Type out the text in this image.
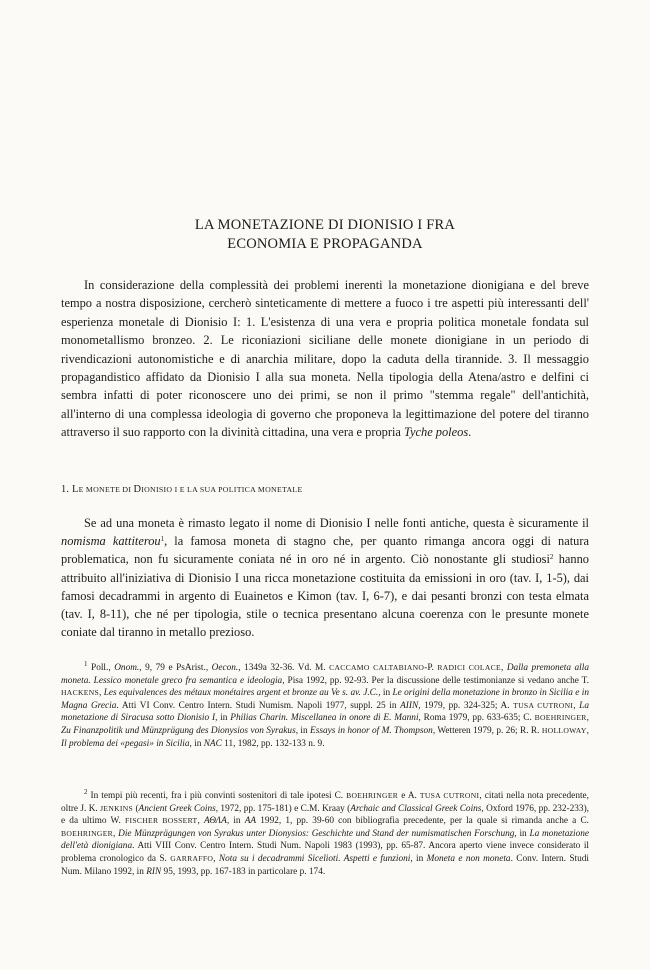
LA MONETAZIONE DI DIONISIO I FRA
ECONOMIA E PROPAGANDA

In considerazione della complessità dei problemi inerenti la monetazione dionigiana e del breve tempo a nostra disposizione, cercherò sinteticamente di mettere a fuoco i tre aspetti più interessanti dell' esperienza monetale di Dionisio I: 1. L'esistenza di una vera e propria politica monetale fondata sul monometallismo bronzeo. 2. Le riconiazioni siciliane delle monete dionigiane in un periodo di rivendicazioni autonomistiche e di anarchia militare, dopo la caduta della tirannide. 3. Il messaggio propagandistico affidato da Dionisio I alla sua moneta. Nella tipologia della Atena/astro e delfini ci sembra infatti di poter riconoscere uno dei primi, se non il primo "stemma regale" dell'antichità, all'interno di una complessa ideologia di governo che proponeva la legittimazione del potere del tiranno attraverso il suo rapporto con la divinità cittadina, una vera e propria Tyche poleos.

1. LE MONETE DI DIONISIO I E LA SUA POLITICA MONETALE

Se ad una moneta è rimasto legato il nome di Dionisio I nelle fonti antiche, questa è sicuramente il nomisma kattiterou$^1$, la famosa moneta di stagno che, per quanto rimanga ancora oggi di natura problematica, non fu sicuramente coniata né in oro né in argento. Ciò nonostante gli studiosi$^2$ hanno attribuito all'iniziativa di Dionisio I una ricca monetazione costituita da emissioni in oro (tav. I, 1-5), dai famosi decadrammi in argento di Euainetos e Kimon (tav. I, 6-7), e dai pesanti bronzi con testa elmata (tav. I, 8-11), che né per tipologia, stile o tecnica presentano alcuna coerenza con le presunte monete coniate dal tiranno in metallo prezioso.

$^1$ Poll., Onom., 9, 79 e PsArist., Oecon., 1349a 32-36. Vd. M. CACCAMO CALTABIANO-P. RADICI COLACE, Dalla premoneta alla moneta. Lessico monetale greco fra semantica e ideologia, Pisa 1992, pp. 92-93. Per la discussione delle testimonianze si vedano anche T. HACKENS, Les equivalences des métaux monétaires argent et bronze au Ve s. av. J.C., in Le origini della monetazione in bronzo in Sicilia e in Magna Grecia. Atti VI Conv. Centro Intern. Studi Numism. Napoli 1977, suppl. 25 in AIIN, 1979, pp. 324-325; A. TUSA CUTRONI, La monetazione di Siracusa sotto Dionisio I, in Philias Charin. Miscellanea in onore di E. Manni, Roma 1979, pp. 633-635; C. BOEHRINGER, Zu Finanzpolitik und Münzprägung des Dionysios von Syrakus, in Essays in honor of M. Thompson, Wetteren 1979, p. 26; R. R. HOLLOWAY, Il problema dei «pegasi» in Sicilia, in NAC 11, 1982, pp. 132-133 n. 9.

$^2$ In tempi più recenti, fra i più convinti sostenitori di tale ipotesi C. BOEHRINGER e A. TUSA CUTRONI, citati nella nota precedente, oltre J. K. JENKINS (Ancient Greek Coins, 1972, pp. 175-181) e C.M. Kraay (Archaic and Classical Greek Coins, Oxford 1976, pp. 232-233), e da ultimo W. FISCHER BOSSERT, ΑΘΛΑ, in AA 1992, 1, pp. 39-60 con bibliografia precedente, per la quale si rimanda anche a C. BOEHRINGER, Die Münzprägungen von Syrakus unter Dionysios: Geschichte und Stand der numismatischen Forschung, in La monetazione dell'età dionigiana. Atti VIII Conv. Centro Intern. Studi Num. Napoli 1983 (1993), pp. 65-87. Ancora aperto viene invece considerato il problema cronologico da S. GARRAFFO, Nota su i decadrammi Sicelioti. Aspetti e funzioni, in Moneta e non moneta. Conv. Intern. Studi Num. Milano 1992, in RIN 95, 1993, pp. 167-183 in particolare p. 174.
